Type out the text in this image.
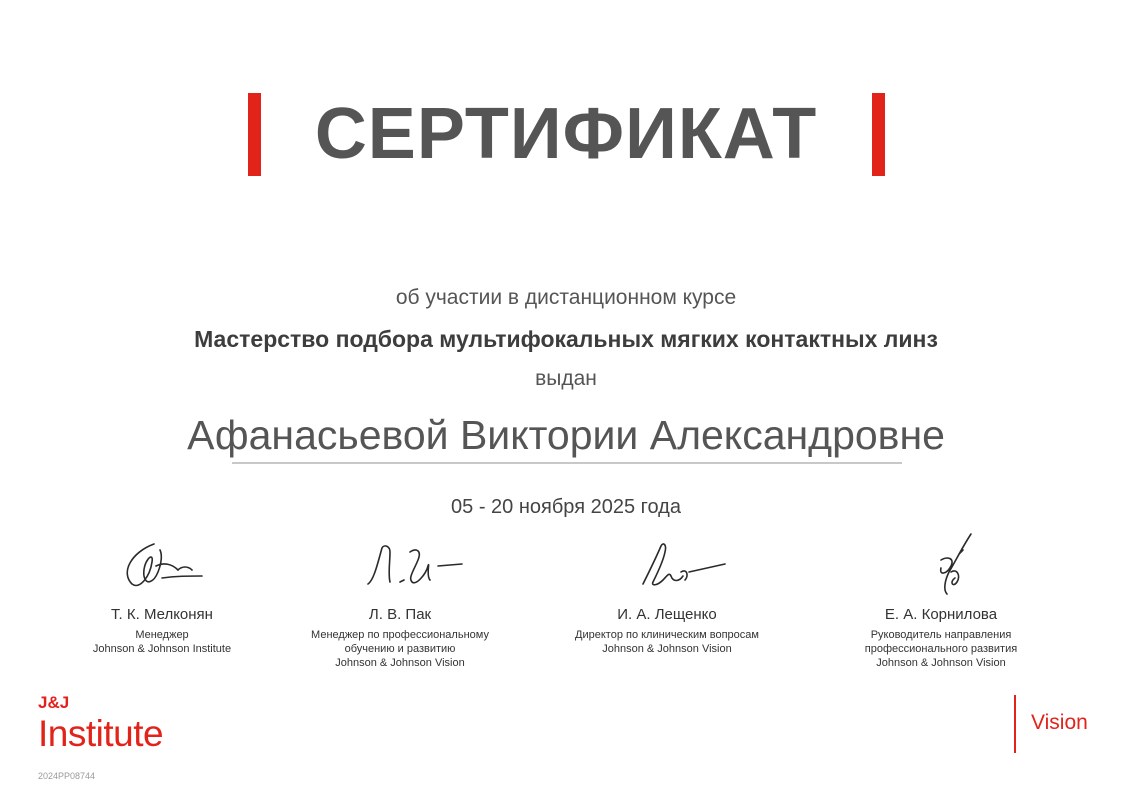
СЕРТИФИКАТ
об участии в дистанционном курсе
Мастерство подбора мультифокальных мягких контактных линз
выдан
Афанасьевой Виктории Александровне
05 - 20 ноября 2025 года
Т. К. Мелконян
Менеджер
Johnson & Johnson Institute
Л. В. Пак
Менеджер по профессиональному
обучению и развитию
Johnson & Johnson Vision
И. А. Лещенко
Директор по клиническим вопросам
Johnson & Johnson Vision
Е. А. Корнилова
Руководитель направления
профессионального развития
Johnson & Johnson Vision
J&J
Institute
2024PP08744
Vision
